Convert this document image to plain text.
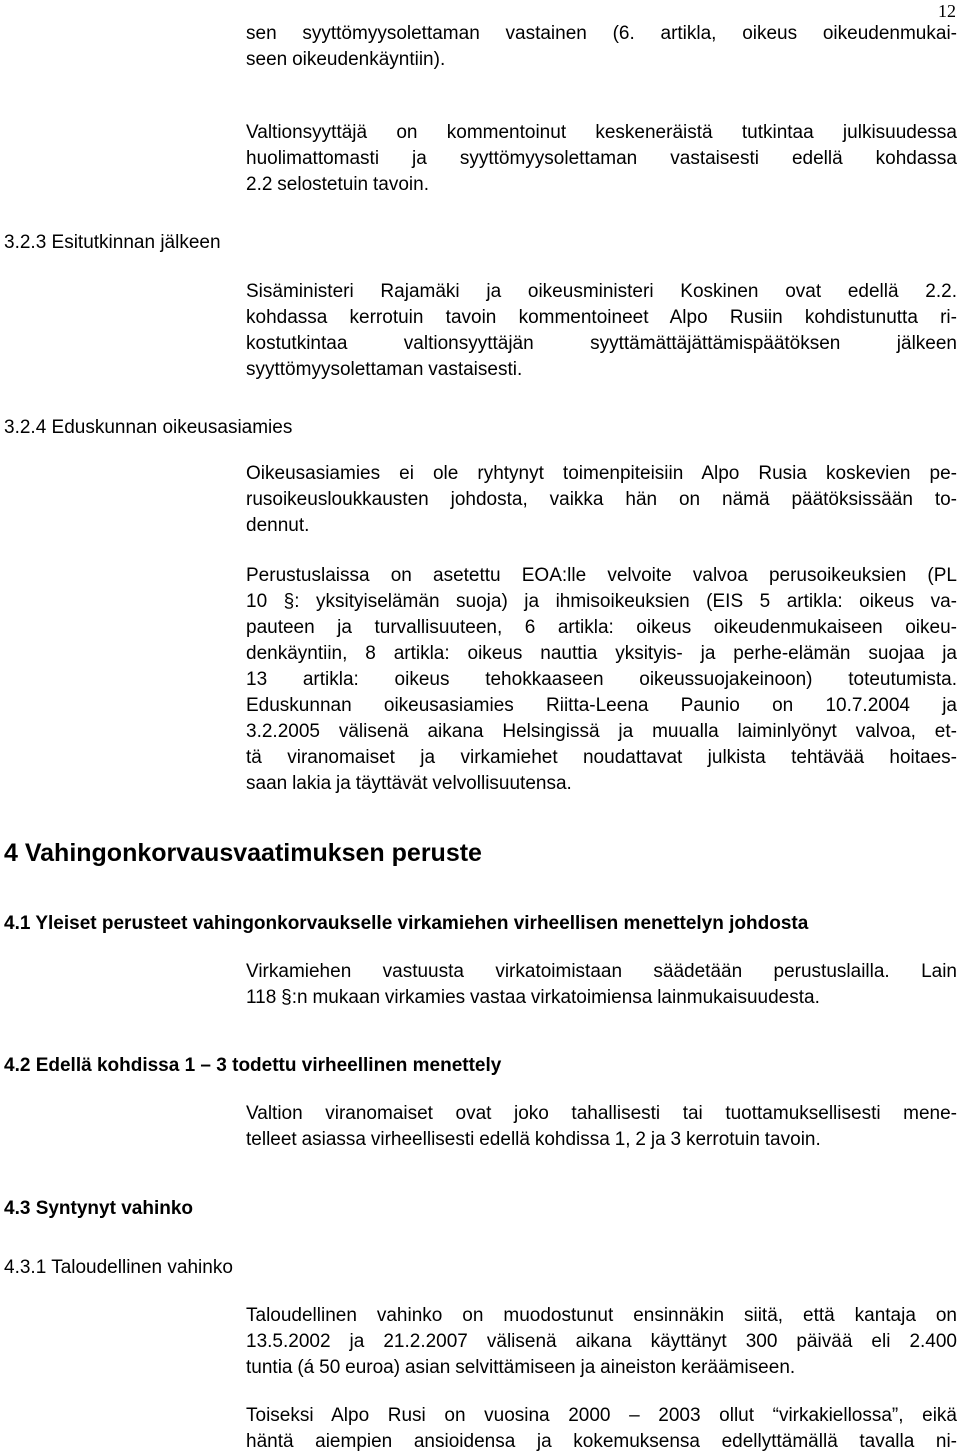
12
sen syyttömyysolettaman vastainen (6. artikla, oikeus oikeudenmukai-
seen oikeudenkäyntiin).
Valtionsyyttäjä on kommentoinut keskeneräistä tutkintaa julkisuudessa
huolimattomasti ja syyttömyysolettaman vastaisesti edellä kohdassa
2.2 selostetuin tavoin.
3.2.3 Esitutkinnan jälkeen
Sisäministeri Rajamäki ja oikeusministeri Koskinen ovat edellä 2.2.
kohdassa kerrotuin tavoin kommentoineet Alpo Rusiin kohdistunutta ri-
kostutkintaa valtionsyyttäjän syyttämättäjättämispäätöksen jälkeen
syyttömyysolettaman vastaisesti.
3.2.4 Eduskunnan oikeusasiamies
Oikeusasiamies ei ole ryhtynyt toimenpiteisiin Alpo Rusia koskevien pe-
rusoikeusloukkausten johdosta, vaikka hän on nämä päätöksissään to-
dennut.
Perustuslaissa on asetettu EOA:lle velvoite valvoa perusoikeuksien (PL
10 §: yksityiselämän suoja) ja ihmisoikeuksien (EIS 5 artikla: oikeus va-
pauteen ja turvallisuuteen, 6 artikla: oikeus oikeudenmukaiseen oikeu-
denkäyntiin, 8 artikla: oikeus nauttia yksityis- ja perhe-elämän suojaa ja
13 artikla: oikeus tehokkaaseen oikeussuojakeinoon) toteutumista.
Eduskunnan oikeusasiamies Riitta-Leena Paunio on 10.7.2004 ja
3.2.2005 välisenä aikana Helsingissä ja muualla laiminlyönyt valvoa, et-
tä viranomaiset ja virkamiehet noudattavat julkista tehtävää hoitaes-
saan lakia ja täyttävät velvollisuutensa.
4 Vahingonkorvausvaatimuksen peruste
4.1 Yleiset perusteet vahingonkorvaukselle virkamiehen virheellisen menettelyn johdosta
Virkamiehen vastuusta virkatoimistaan säädetään perustuslailla. Lain
118 §:n mukaan virkamies vastaa virkatoimiensa lainmukaisuudesta.
4.2 Edellä kohdissa 1 – 3 todettu virheellinen menettely
Valtion viranomaiset ovat joko tahallisesti tai tuottamuksellisesti mene-
telleet asiassa virheellisesti edellä kohdissa 1, 2 ja 3 kerrotuin tavoin.
4.3 Syntynyt vahinko
4.3.1 Taloudellinen vahinko
Taloudellinen vahinko on muodostunut ensinnäkin siitä, että kantaja on
13.5.2002 ja 21.2.2007 välisenä aikana käyttänyt 300 päivää eli 2.400
tuntia (á 50 euroa) asian selvittämiseen ja aineiston keräämiseen.
Toiseksi Alpo Rusi on vuosina 2000 – 2003 ollut “virkakiellossa”, eikä
häntä aiempien ansioidensa ja kokemuksensa edellyttämällä tavalla ni-
